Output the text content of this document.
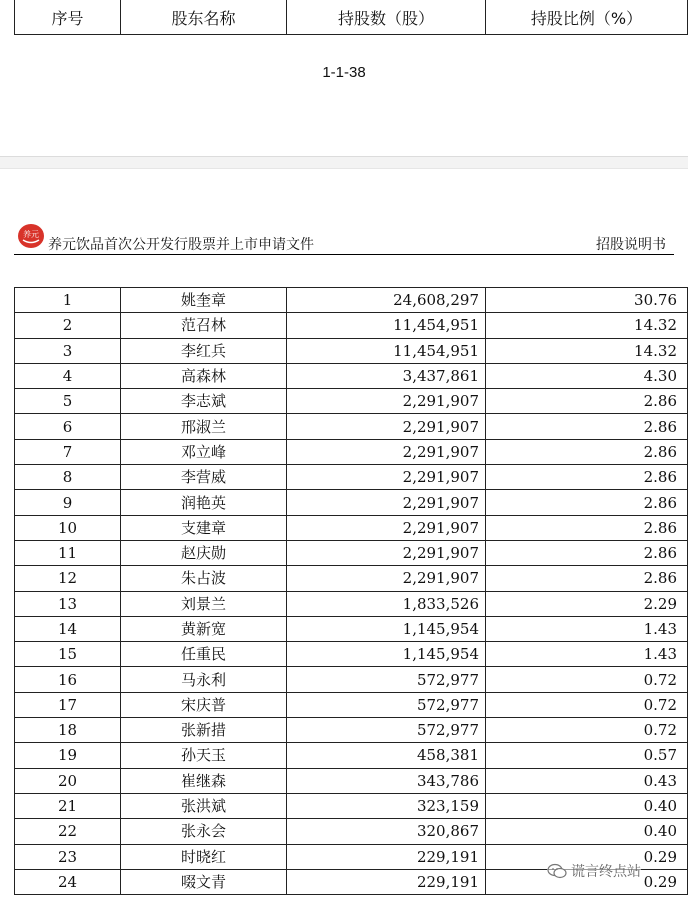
序号	股东名称	持股数（股）	持股比例（%）
1-1-38
养元
养元饮品首次公开发行股票并上市申请文件	招股说明书
1	姚奎章	24,608,297	30.76
2	范召林	11,454,951	14.32
3	李红兵	11,454,951	14.32
4	高森林	3,437,861	4.30
5	李志斌	2,291,907	2.86
6	邢淑兰	2,291,907	2.86
7	邓立峰	2,291,907	2.86
8	李营威	2,291,907	2.86
9	润艳英	2,291,907	2.86
10	支建章	2,291,907	2.86
11	赵庆勋	2,291,907	2.86
12	朱占波	2,291,907	2.86
13	刘景兰	1,833,526	2.29
14	黄新宽	1,145,954	1.43
15	任重民	1,145,954	1.43
16	马永利	572,977	0.72
17	宋庆普	572,977	0.72
18	张新措	572,977	0.72
19	孙天玉	458,381	0.57
20	崔继森	343,786	0.43
21	张洪斌	323,159	0.40
22	张永会	320,867	0.40
23	时晓红	229,191	0.29
24	啜文青	229,191	0.29
谎言终点站
